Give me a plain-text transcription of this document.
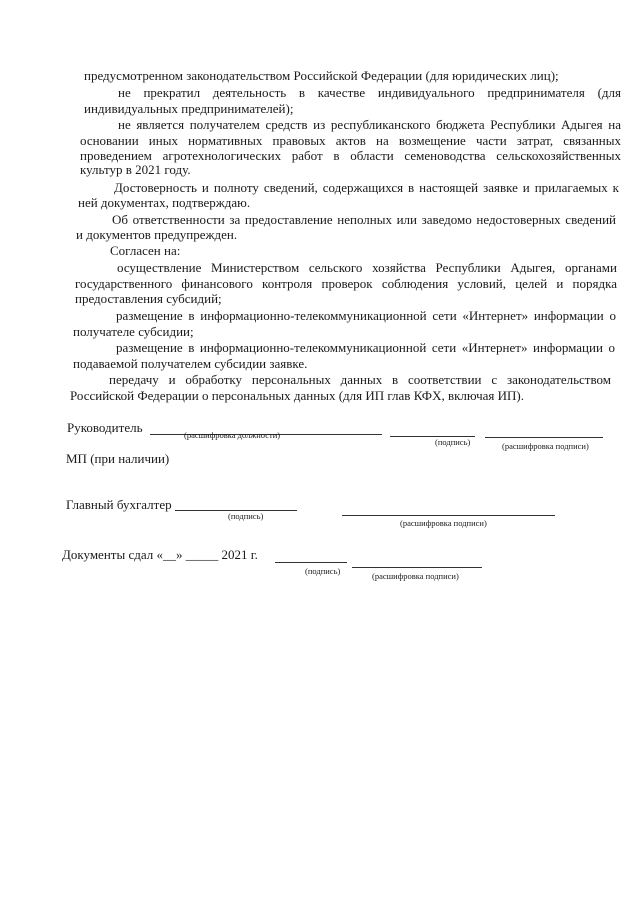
предусмотренном законодательством Российской Федерации (для юридических лиц);
не прекратил деятельность в качестве индивидуального предпринимателя (для
индивидуальных предпринимателей);
не является получателем средств из республиканского бюджета Республики Адыгея на
основании иных нормативных правовых актов на возмещение части затрат, связанных
проведением агротехнологических работ в области семеноводства сельскохозяйственных
культур в 2021 году.
Достоверность и полноту сведений, содержащихся в настоящей заявке и прилагаемых к
ней документах, подтверждаю.
Об ответственности за предоставление неполных или заведомо недостоверных сведений
и документов предупрежден.
Согласен на:
осуществление Министерством сельского хозяйства Республики Адыгея, органами
государственного финансового контроля проверок соблюдения условий, целей и порядка
предоставления субсидий;
размещение в информационно-телекоммуникационной сети «Интернет» информации о
получателе субсидии;
размещение в информационно-телекоммуникационной сети «Интернет» информации о
подаваемой получателем субсидии заявке.
передачу и обработку персональных данных в соответствии с законодательством
Российской Федерации о персональных данных (для ИП глав КФХ, включая ИП).
Руководитель	(расшифровка должности)
(подпись)	(расшифровка подписи)
МП (при наличии)
Главный бухгалтер
(подпись)
(расшифровка подписи)
Документы сдал «__» _____ 2021 г.
(подпись)	(расшифровка подписи)
